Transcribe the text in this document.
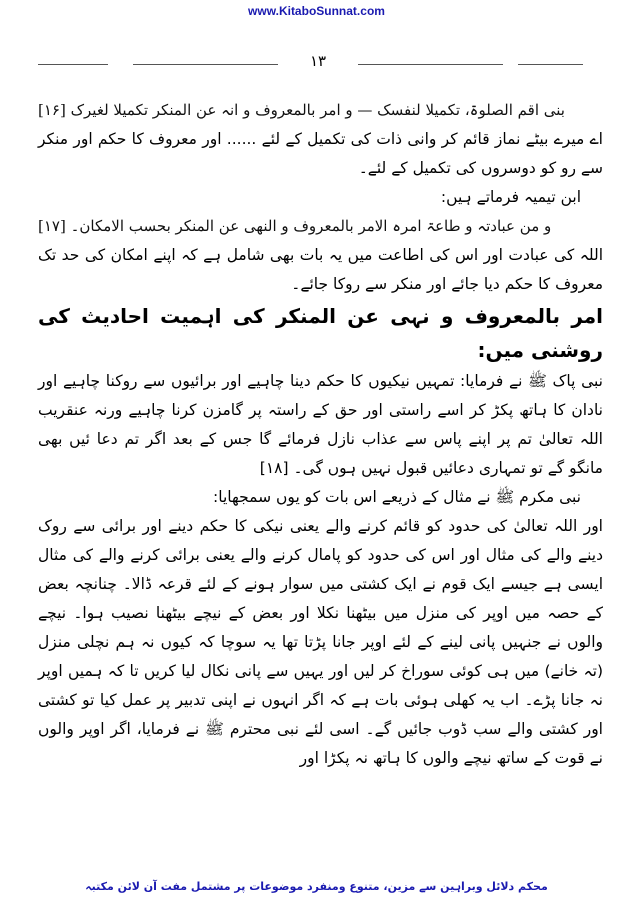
www.KitaboSunnat.com
۱۳

بنی اقم الصلوۃ، تکمیلا لنفسک — و امر بالمعروف و انہ عن المنکر تکمیلا لغیرک [۱۶]

اے میرے بیٹے نماز قائم کر وانی ذات کی تکمیل کے لئے ...... اور معروف کا حکم اور منکر سے رو کو دوسروں کی تکمیل کے لئے۔

ابن تیمیہ فرماتے ہیں:

و من عبادتہ و طاعۃ امرہ الامر بالمعروف و النھی عن المنکر بحسب الامکان۔ [۱۷]

اللہ کی عبادت اور اس کی اطاعت میں یہ بات بھی شامل ہے کہ اپنے امکان کی حد تک معروف کا حکم دیا جائے اور منکر سے روکا جائے۔

امر بالمعروف و نہی عن المنکر کی اہمیت احادیث کی روشنی میں:

نبی پاک ﷺ نے فرمایا: تمہیں نیکیوں کا حکم دینا چاہیے اور برائیوں سے روکنا چاہیے اور نادان کا ہاتھ پکڑ کر اسے راستی اور حق کے راستہ پر گامزن کرنا چاہیے ورنہ عنقریب اللہ تعالیٰ تم پر اپنے پاس سے عذاب نازل فرمائے گا جس کے بعد اگر تم دعا ئیں بھی مانگو گے تو تمہاری دعائیں قبول نہیں ہوں گی۔ [۱۸]

نبی مکرم ﷺ نے مثال کے ذریعے اس بات کو یوں سمجھایا:

اور اللہ تعالیٰ کی حدود کو قائم کرنے والے یعنی نیکی کا حکم دینے اور برائی سے روک دینے والے کی مثال اور اس کی حدود کو پامال کرنے والے یعنی برائی کرنے والے کی مثال ایسی ہے جیسے ایک قوم نے ایک کشتی میں سوار ہونے کے لئے قرعہ ڈالا۔ چنانچہ بعض کے حصہ میں اوپر کی منزل میں بیٹھنا نکلا اور بعض کے نیچے بیٹھنا نصیب ہوا۔ نیچے والوں نے جنہیں پانی لینے کے لئے اوپر جانا پڑتا تھا یہ سوچا کہ کیوں نہ ہم نچلی منزل (تہ خانے) میں ہی کوئی سوراخ کر لیں اور یہیں سے پانی نکال لیا کریں تا کہ ہمیں اوپر نہ جانا پڑے۔ اب یہ کھلی ہوئی بات ہے کہ اگر انہوں نے اپنی تدبیر پر عمل کیا تو کشتی اور کشتی والے سب ڈوب جائیں گے۔ اسی لئے نبی محترم ﷺ نے فرمایا، اگر اوپر والوں نے قوت کے ساتھ نیچے والوں کا ہاتھ نہ پکڑا اور

محکم دلائل وبراہین سے مزین، متنوع ومنفرد موضوعات پر مشتمل مفت آن لائن مکتبہ
